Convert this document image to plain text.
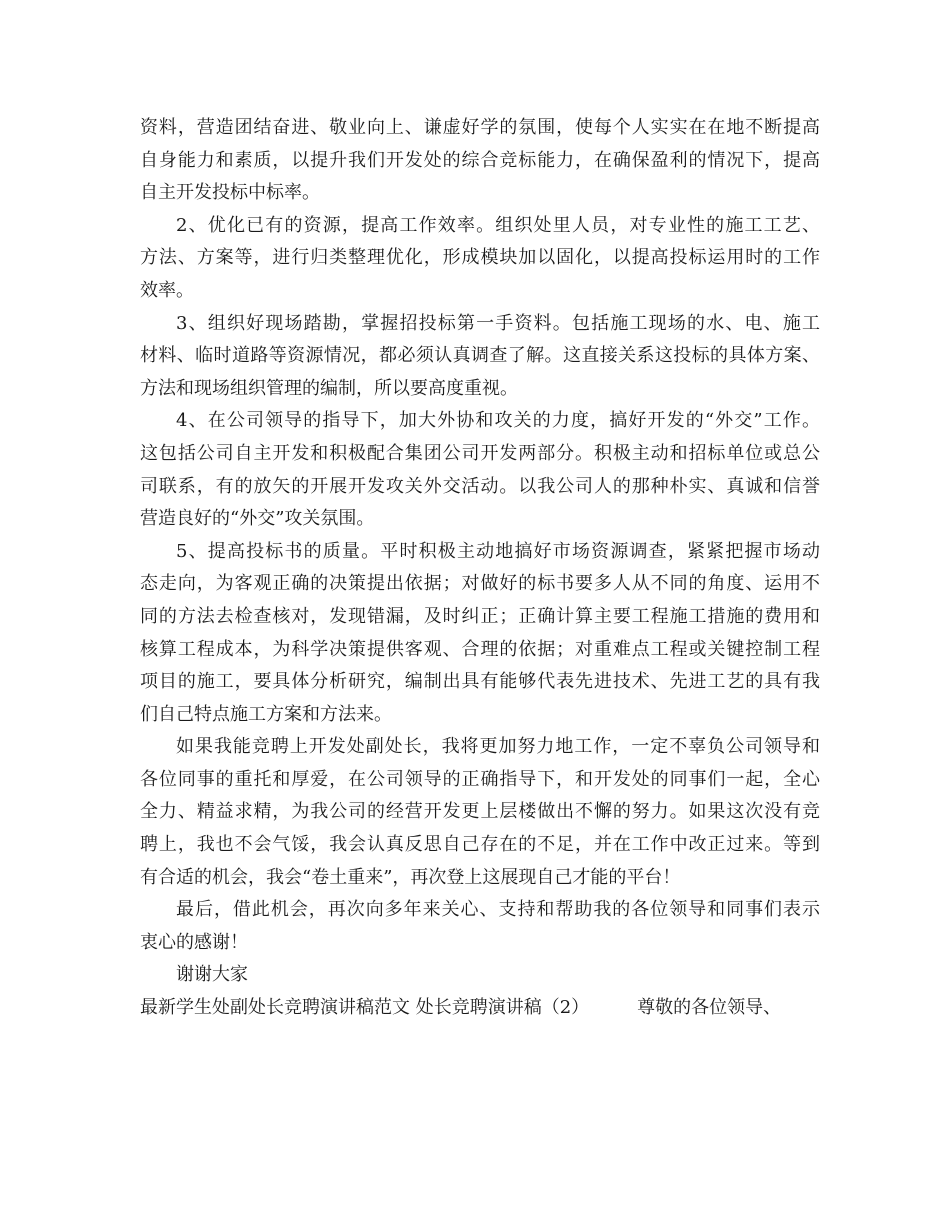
资料，营造团结奋进、敬业向上、谦虚好学的氛围，使每个人实实在在地不断提高
自身能力和素质，以提升我们开发处的综合竞标能力，在确保盈利的情况下，提高
自主开发投标中标率。
2、优化已有的资源，提高工作效率。组织处里人员，对专业性的施工工艺、
方法、方案等，进行归类整理优化，形成模块加以固化，以提高投标运用时的工作
效率。
3、组织好现场踏勘，掌握招投标第一手资料。包括施工现场的水、电、施工
材料、临时道路等资源情况，都必须认真调查了解。这直接关系这投标的具体方案、
方法和现场组织管理的编制，所以要高度重视。
4、在公司领导的指导下，加大外协和攻关的力度，搞好开发的“外交”工作。
这包括公司自主开发和积极配合集团公司开发两部分。积极主动和招标单位或总公
司联系，有的放矢的开展开发攻关外交活动。以我公司人的那种朴实、真诚和信誉
营造良好的“外交”攻关氛围。
5、提高投标书的质量。平时积极主动地搞好市场资源调查，紧紧把握市场动
态走向，为客观正确的决策提出依据；对做好的标书要多人从不同的角度、运用不
同的方法去检查核对，发现错漏，及时纠正；正确计算主要工程施工措施的费用和
核算工程成本，为科学决策提供客观、合理的依据；对重难点工程或关键控制工程
项目的施工，要具体分析研究，编制出具有能够代表先进技术、先进工艺的具有我
们自己特点施工方案和方法来。
如果我能竞聘上开发处副处长，我将更加努力地工作，一定不辜负公司领导和
各位同事的重托和厚爱，在公司领导的正确指导下，和开发处的同事们一起，全心
全力、精益求精，为我公司的经营开发更上层楼做出不懈的努力。如果这次没有竞
聘上，我也不会气馁，我会认真反思自己存在的不足，并在工作中改正过来。等到
有合适的机会，我会“卷土重来”，再次登上这展现自己才能的平台！
最后，借此机会，再次向多年来关心、支持和帮助我的各位领导和同事们表示
衷心的感谢！
谢谢大家
最新学生处副处长竞聘演讲稿范文 处长竞聘演讲稿（2）	尊敬的各位领导、
